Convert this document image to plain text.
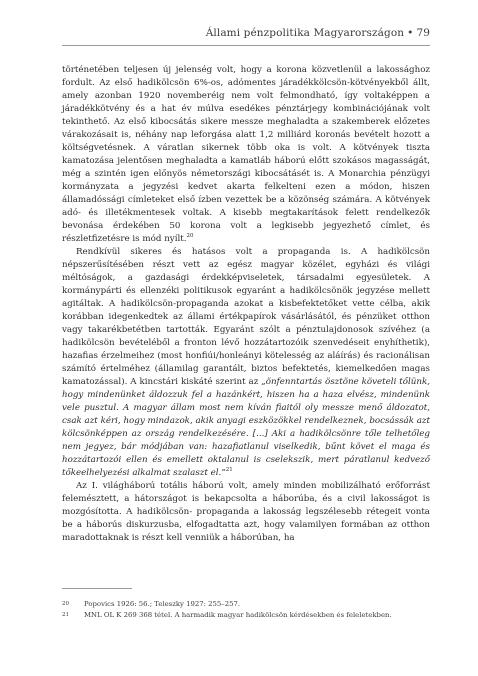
Állami pénzpolitika Magyarországon • 79

történetében teljesen új jelenség volt, hogy a korona közvetlenül a lakossághoz fordult. Az első hadikölcsön 6%-os, adómentes járadékkölcsön-kötvényekből állt, amely azonban 1920 novemberéig nem volt felmondható, így voltaképpen a járadékkötvény és a hat év múlva esedékes pénztárjegy kombinációjának volt tekinthető. Az első kibocsátás sikere messze meghaladta a szakemberek előzetes várakozásait is, néhány nap leforgása alatt 1,2 milliárd koronás bevételt hozott a költségvetésnek. A váratlan sikernek több oka is volt. A kötvények tiszta kamatozása jelentősen meghaladta a kamatláb háború előtt szokásos magasságát, még a szintén igen előnyös németországi kibocsátásét is. A Monarchia pénzügyi kormányzata a jegyzési kedvet akarta felkelteni ezen a módon, hiszen államadóssági címleteket első ízben vezettek be a közönség számára. A kötvények adó- és illetékmentesek voltak. A kisebb megtakarítások felett rendelkezők bevonása érdekében 50 korona volt a legkisebb jegyezhető címlet, és részletfizetésre is mód nyílt.$^{20}$

Rendkívül sikeres és hatásos volt a propaganda is. A hadikölcsön népszerűsítésében részt vett az egész magyar közélet, egyházi és világi méltóságok, a gazdasági érdekképviseletek, társadalmi egyesületek. A kormánypárti és ellenzéki politikusok egyaránt a hadikölcsönök jegyzése mellett agitáltak. A hadikölcsön-propaganda azokat a kisbefektetőket vette célba, akik korábban idegenkedtek az állami értékpapírok vásárlásától, és pénzüket otthon vagy takarékbetétben tartották. Egyaránt szólt a pénztulajdonosok szívéhez (a hadikölcsön bevételéből a fronton lévő hozzátartozóik szenvedéseit enyhíthetik), hazafias érzelmeihez (most honfiúi/honleányi kötelesség az aláírás) és racionálisan számító értelméhez (államilag garantált, biztos befektetés, kiemelkedően magas kamatozással). A kincstári kiskáté szerint az „önfenntartás ösztöne követeli tőlünk, hogy mindenünket áldozzuk fel a hazánkért, hiszen ha a haza elvész, mindenünk vele pusztul. A magyar állam most nem kíván fiaitól oly messze menő áldozatot, csak azt kéri, hogy mindazok, akik anyagi eszközökkel rendelkeznek, bocsássák azt kölcsönképpen az ország rendelkezésére. [...] Aki a hadikölcsönre tőle telhetőleg nem jegyez, bár módjában van: hazafiatlanul viselkedik, bűnt követ el maga és hozzátartozói ellen és emellett oktalanul is cselekszik, mert páratlanul kedvező tőkeelhelyezési alkalmat szalaszt el.”$^{21}$

Az I. világháború totális háború volt, amely minden mobilizálható erőforrást felemésztett, a hátországot is bekapcsolta a háborúba, és a civil lakosságot is mozgósította. A hadikölcsön- propaganda a lakosság legszélesebb rétegeit vonta be a háborús diskurzusba, elfogadtatta azt, hogy valamilyen formában az otthon maradottaknak is részt kell venniük a háborúban, ha

20	Popovics 1926: 56.; Teleszky 1927: 255–257.
21	MNL OL K 269 368 tétel. A harmadik magyar hadikölcsön kérdésekben és feleletekben.
